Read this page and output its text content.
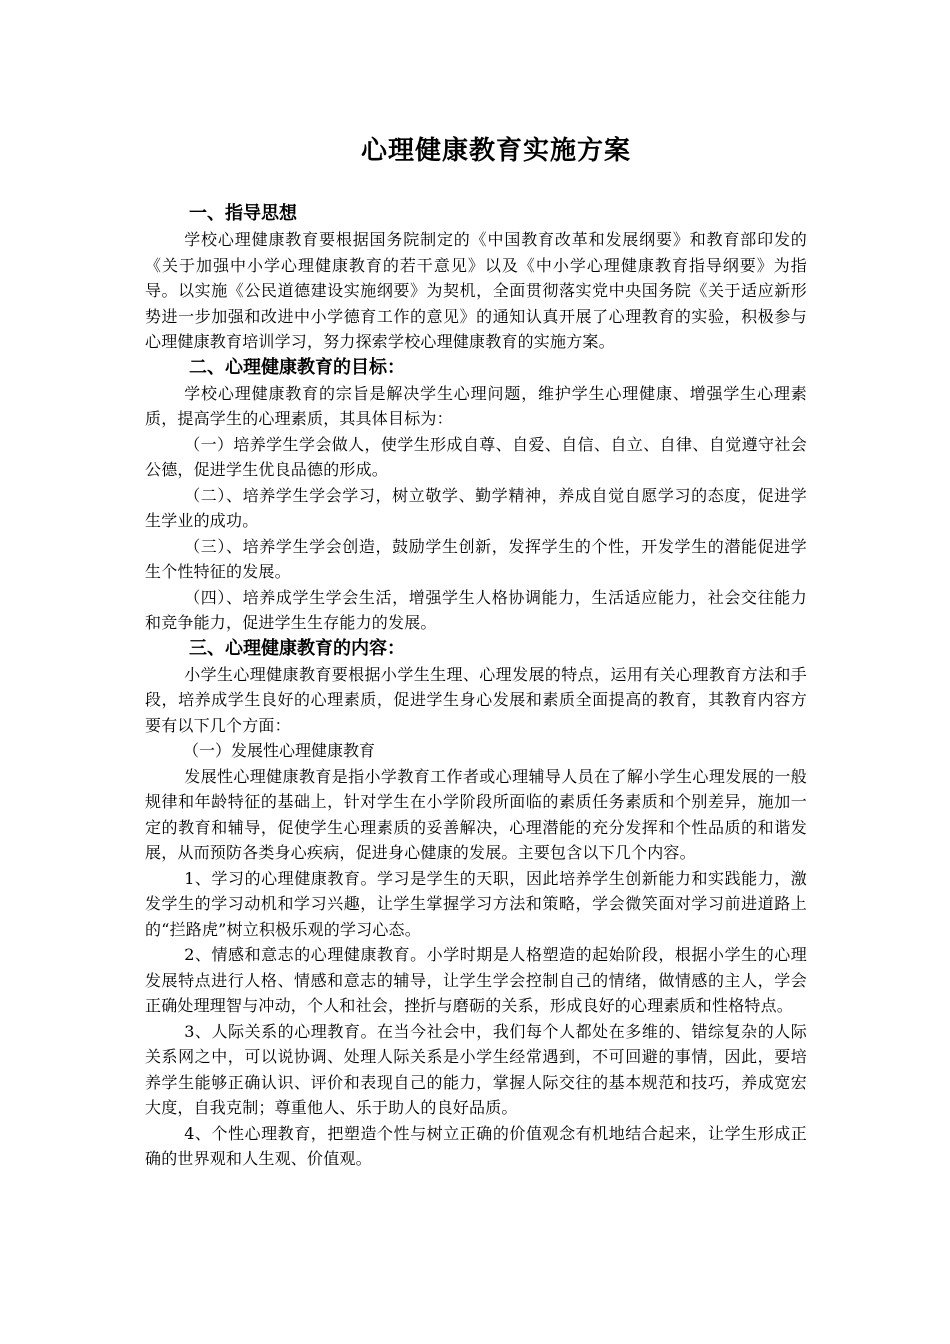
心理健康教育实施方案
一、指导思想

学校心理健康教育要根据国务院制定的《中国教育改革和发展纲要》和教育部印发的《关于加强中小学心理健康教育的若干意见》以及《中小学心理健康教育指导纲要》为指导。以实施《公民道德建设实施纲要》为契机，全面贯彻落实党中央国务院《关于适应新形势进一步加强和改进中小学德育工作的意见》的通知认真开展了心理教育的实验，积极参与心理健康教育培训学习，努力探索学校心理健康教育的实施方案。

二、心理健康教育的目标：

学校心理健康教育的宗旨是解决学生心理问题，维护学生心理健康、增强学生心理素质，提高学生的心理素质，其具体目标为：

（一）培养学生学会做人，使学生形成自尊、自爱、自信、自立、自律、自觉遵守社会公德，促进学生优良品德的形成。

（二）、培养学生学会学习，树立敬学、勤学精神，养成自觉自愿学习的态度，促进学生学业的成功。

（三）、培养学生学会创造，鼓励学生创新，发挥学生的个性，开发学生的潜能促进学生个性特征的发展。

（四）、培养成学生学会生活，增强学生人格协调能力，生活适应能力，社会交往能力和竞争能力，促进学生生存能力的发展。

三、心理健康教育的内容：

小学生心理健康教育要根据小学生生理、心理发展的特点，运用有关心理教育方法和手段，培养成学生良好的心理素质，促进学生身心发展和素质全面提高的教育，其教育内容方要有以下几个方面：

（一）发展性心理健康教育

发展性心理健康教育是指小学教育工作者或心理辅导人员在了解小学生心理发展的一般规律和年龄特征的基础上，针对学生在小学阶段所面临的素质任务素质和个别差异，施加一定的教育和辅导，促使学生心理素质的妥善解决，心理潜能的充分发挥和个性品质的和谐发展，从而预防各类身心疾病，促进身心健康的发展。主要包含以下几个内容。

1、学习的心理健康教育。学习是学生的天职，因此培养学生创新能力和实践能力，激发学生的学习动机和学习兴趣，让学生掌握学习方法和策略，学会微笑面对学习前进道路上的“拦路虎”树立积极乐观的学习心态。

2、情感和意志的心理健康教育。小学时期是人格塑造的起始阶段，根据小学生的心理发展特点进行人格、情感和意志的辅导，让学生学会控制自己的情绪，做情感的主人，学会正确处理理智与冲动，个人和社会，挫折与磨砺的关系，形成良好的心理素质和性格特点。

3、人际关系的心理教育。在当今社会中，我们每个人都处在多维的、错综复杂的人际关系网之中，可以说协调、处理人际关系是小学生经常遇到，不可回避的事情，因此，要培养学生能够正确认识、评价和表现自己的能力，掌握人际交往的基本规范和技巧，养成宽宏大度，自我克制；尊重他人、乐于助人的良好品质。

4、个性心理教育，把塑造个性与树立正确的价值观念有机地结合起来，让学生形成正确的世界观和人生观、价值观。
